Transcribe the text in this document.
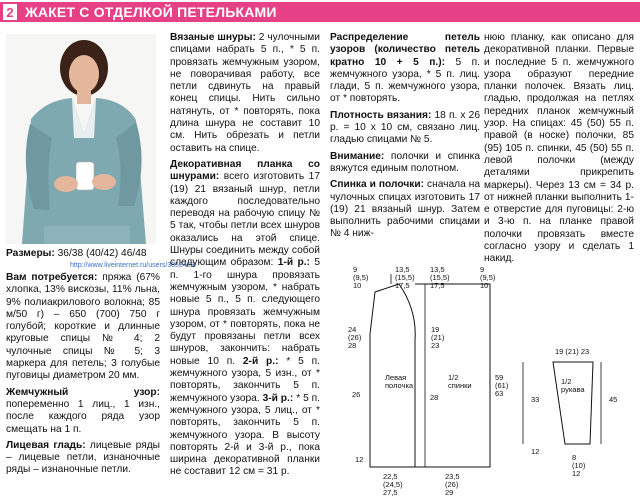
2 ЖАКЕТ С ОТДЕЛКОЙ ПЕТЕЛЬКАМИ
Размеры: 36/38 (40/42) 46/48
http://www.liveinternet.ru/users/3852469/

Вам потребуется: пряжа (67% хлопка, 13% вискозы, 11% льна, 9% полиакрилового волокна; 85 м/50 г) – 650 (700) 750 г голубой; короткие и длинные круговые спицы № 4; 2 чулочные спицы № 5; 3 маркера для петель; 3 голубые пуговицы диаметром 20 мм.

Жемчужный узор: попеременно 1 лиц., 1 изн., после каждого ряда узор смещать на 1 п.

Лицевая гладь: лицевые ряды – лицевые петли, изнаночные ряды – изнаночные петли.

Вязаные шнуры: 2 чулочными спицами набрать 5 п., * 5 п. провязать жемчужным узором, не поворачивая работу, все петли сдвинуть на правый конец спицы. Нить сильно натянуть, от * повторять, пока длина шнура не составит 10 см. Нить обрезать и петли оставить на спице.

Декоративная планка со шнурами: всего изготовить 17 (19) 21 вязаный шнур, петли каждого последовательно переводя на рабочую спицу № 5 так, чтобы петли всех шнуров оказались на этой спице. Шнуры соединить между собой следующим образом: 1-й р.: 5 п. 1-го шнура провязать жемчужным узором, * набрать новые 5 п., 5 п. следующего шнура провязать жемчужным узором, от * повторять, пока не будут провязаны петли всех шнуров, закончить: набрать новые 10 п. 2-й р.: * 5 п. жемчужного узора, 5 изн., от * повторять, закончить 5 п. жемчужного узора. 3-й р.: * 5 п. жемчужного узора, 5 лиц., от * повторять, закончить 5 п. жемчужного узора. В высоту повторять 2-й и 3-й р., пока ширина декоративной планки не составит 12 см = 31 р.

Распределение петель узоров (количество петель кратно 10 + 5 п.): 5 п. жемчужного узора, * 5 п. лиц. глади, 5 п. жемчужного узора, от * повторять.

Плотность вязания: 18 п. x 26 р. = 10 x 10 см, связано лиц. гладью спицами № 5.

Внимание: полочки и спинка вяжутся единым полотном.

Спинка и полочки: сначала на чулочных спицах изготовить 17 (19) 21 вязаный шнур. Затем выполнить рабочими спицами № 4 ниж-

нюю планку, как описано для декоративной планки. Первые и последние 5 п. жемчужного узора образуют передние планки полочек. Вязать лиц. гладью, продолжая на петлях передних планок жемчужный узор. На спицах: 45 (50) 55 п. правой (в носке) полочки, 85 (95) 105 п. спинки, 45 (50) 55 п. левой полочки (между деталями прикрепить маркеры). Через 13 см = 34 р. от нижней планки выполнить 1-е отверстие для пуговицы: 2-ю и 3-ю п. на планке правой полочки провязать вместе согласно узору и сделать 1 накид.

9 (9,5) 10
13,5 (15,5) 17,5
13,5 (15,5) 17,5
9 (9,5) 10
24 (26) 28
19 (21) 23
26	28
59 (61) 63
12
22,5 (24,5) 27,5
23,5 (26) 29
Левая полочка
1/2 спинки
19 (21) 23
33	45
1/2 рукава
12
8 (10) 12
